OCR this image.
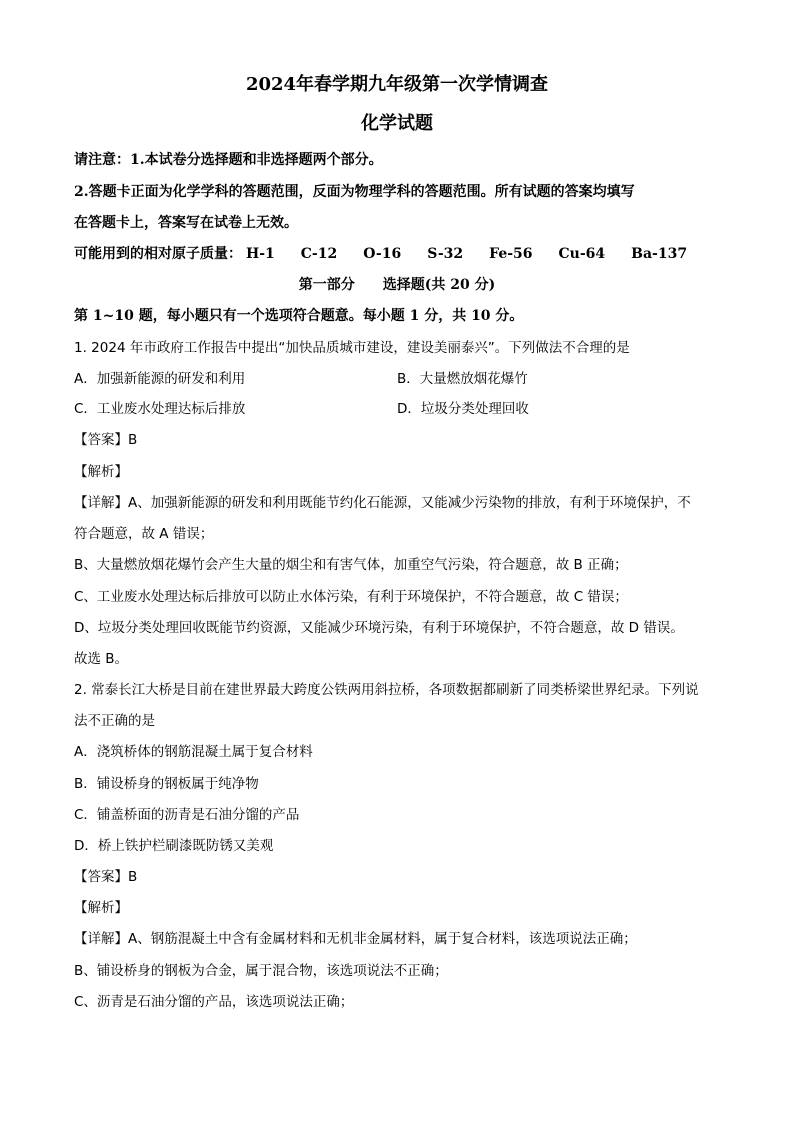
2024年春学期九年级第一次学情调查
化学试题
请注意：1.本试卷分选择题和非选择题两个部分。
2.答题卡正面为化学学科的答题范围，反面为物理学科的答题范围。所有试题的答案均填写
在答题卡上，答案写在试卷上无效。
可能用到的相对原子质量： H-1 C-12 O-16 S-32 Fe-56 Cu-64 Ba-137
第一部分　　选择题(共 20 分)
第 1~10 题，每小题只有一个选项符合题意。每小题 1 分，共 10 分。
1. 2024 年市政府工作报告中提出“加快品质城市建设，建设美丽泰兴”。下列做法不合理的是
A．加强新能源的研发和利用	B．大量燃放烟花爆竹
C．工业废水处理达标后排放	D．垃圾分类处理回收
【答案】B
【解析】
【详解】A、加强新能源的研发和利用既能节约化石能源，又能减少污染物的排放，有利于环境保护，不
符合题意，故 A 错误；
B、大量燃放烟花爆竹会产生大量的烟尘和有害气体，加重空气污染，符合题意，故 B 正确；
C、工业废水处理达标后排放可以防止水体污染，有利于环境保护，不符合题意，故 C 错误；
D、垃圾分类处理回收既能节约资源，又能减少环境污染，有利于环境保护，不符合题意，故 D 错误。
故选 B。
2. 常泰长江大桥是目前在建世界最大跨度公铁两用斜拉桥，各项数据都刷新了同类桥梁世界纪录。下列说
法不正确的是
A．浇筑桥体的钢筋混凝土属于复合材料
B．铺设桥身的钢板属于纯净物
C．铺盖桥面的沥青是石油分馏的产品
D．桥上铁护栏刷漆既防锈又美观
【答案】B
【解析】
【详解】A、钢筋混凝土中含有金属材料和无机非金属材料，属于复合材料，该选项说法正确；
B、铺设桥身的钢板为合金，属于混合物，该选项说法不正确；
C、沥青是石油分馏的产品，该选项说法正确；
